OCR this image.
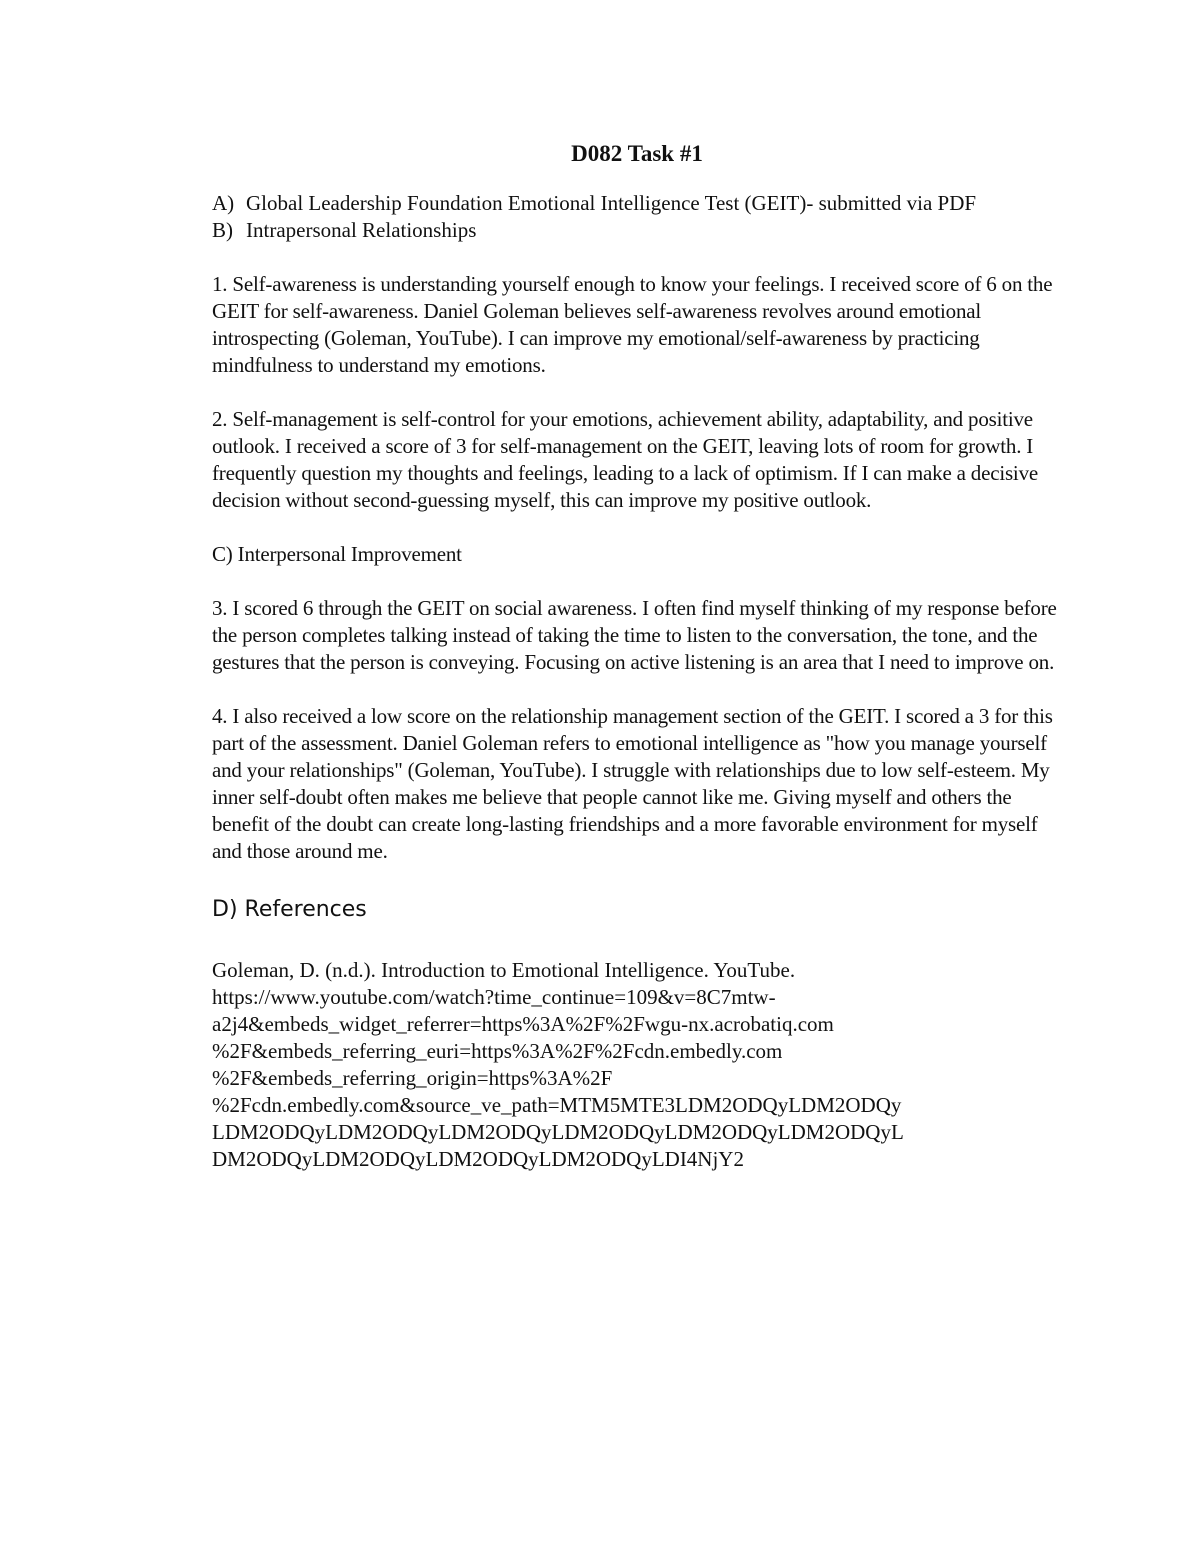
D082 Task #1
A) Global Leadership Foundation Emotional Intelligence Test (GEIT)- submitted via PDF
B) Intrapersonal Relationships

1. Self-awareness is understanding yourself enough to know your feelings. I received score of 6 on the GEIT for self-awareness. Daniel Goleman believes self-awareness revolves around emotional introspecting (Goleman, YouTube). I can improve my emotional/self-awareness by practicing mindfulness to understand my emotions.

2. Self-management is self-control for your emotions, achievement ability, adaptability, and positive outlook. I received a score of 3 for self-management on the GEIT, leaving lots of room for growth. I frequently question my thoughts and feelings, leading to a lack of optimism. If I can make a decisive decision without second-guessing myself, this can improve my positive outlook.

C) Interpersonal Improvement

3. I scored 6 through the GEIT on social awareness. I often find myself thinking of my response before the person completes talking instead of taking the time to listen to the conversation, the tone, and the gestures that the person is conveying. Focusing on active listening is an area that I need to improve on.

4. I also received a low score on the relationship management section of the GEIT. I scored a 3 for this part of the assessment. Daniel Goleman refers to emotional intelligence as "how you manage yourself and your relationships" (Goleman, YouTube). I struggle with relationships due to low self-esteem. My inner self-doubt often makes me believe that people cannot like me. Giving myself and others the benefit of the doubt can create long-lasting friendships and a more favorable environment for myself and those around me.

D) References
Goleman, D. (n.d.). Introduction to Emotional Intelligence. YouTube.
https://www.youtube.com/watch?time_continue=109&v=8C7mtw-
a2j4&embeds_widget_referrer=https%3A%2F%2Fwgu-nx.acrobatiq.com
%2F&embeds_referring_euri=https%3A%2F%2Fcdn.embedly.com
%2F&embeds_referring_origin=https%3A%2F
%2Fcdn.embedly.com&source_ve_path=MTM5MTE3LDM2ODQyLDM2ODQy
LDM2ODQyLDM2ODQyLDM2ODQyLDM2ODQyLDM2ODQyLDM2ODQyL
DM2ODQyLDM2ODQyLDM2ODQyLDM2ODQyLDI4NjY2
